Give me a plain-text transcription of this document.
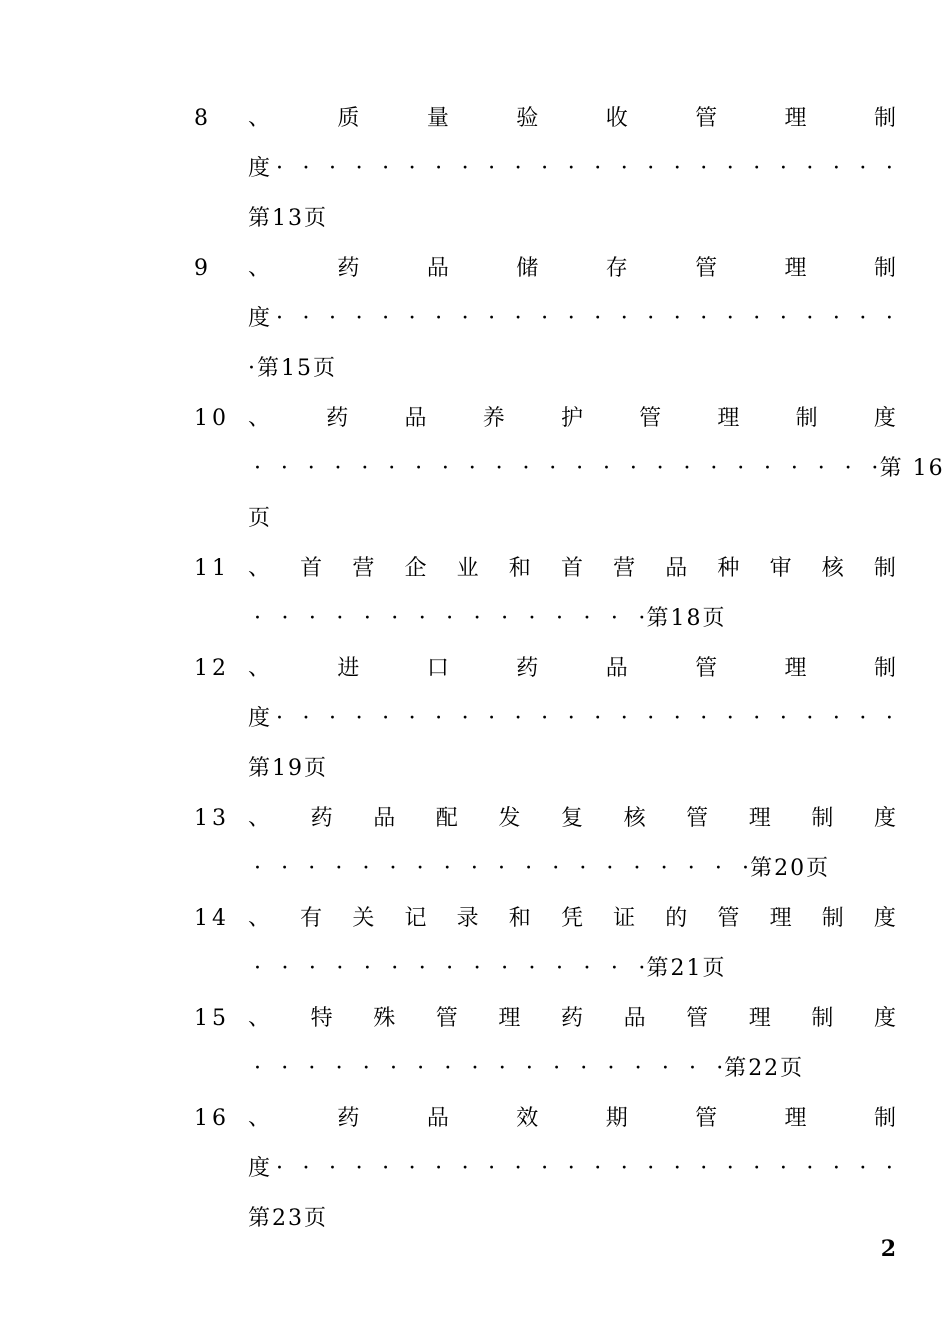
8 、	质	量	验	收	管	理	制
度 · · · · · · · · · · · · · · · · · · · · · · · ·
第13页
9 、	药	品	储	存	管	理	制
度 · · · · · · · · · · · · · · · · · · · · · · · ·
·第15页
10 、	药	品	养	护	管	理	制	度
· · · · · · · · · · · · · · · · · · · · · · · · 第 16
页
11 、 首 营 企 业 和 首 营 品 种 审 核 制
· · · · · · · · · · · · · · · 第18页
12 、	进	口	药	品	管	理	制
度 · · · · · · · · · · · · · · · · · · · · · · · ·
第19页
13 、 药 品 配 发 复 核 管 理 制 度
· · · · · · · · · · · · · · · · · · · 第20页
14 、 有 关 记 录 和 凭 证 的 管 理 制 度
· · · · · · · · · · · · · · · 第21页
15 、 特 殊 管 理 药 品 管 理 制 度
· · · · · · · · · · · · · · · · · · 第22页
16 、	药	品	效	期	管	理	制
度 · · · · · · · · · · · · · · · · · · · · · · · ·
第23页
2
